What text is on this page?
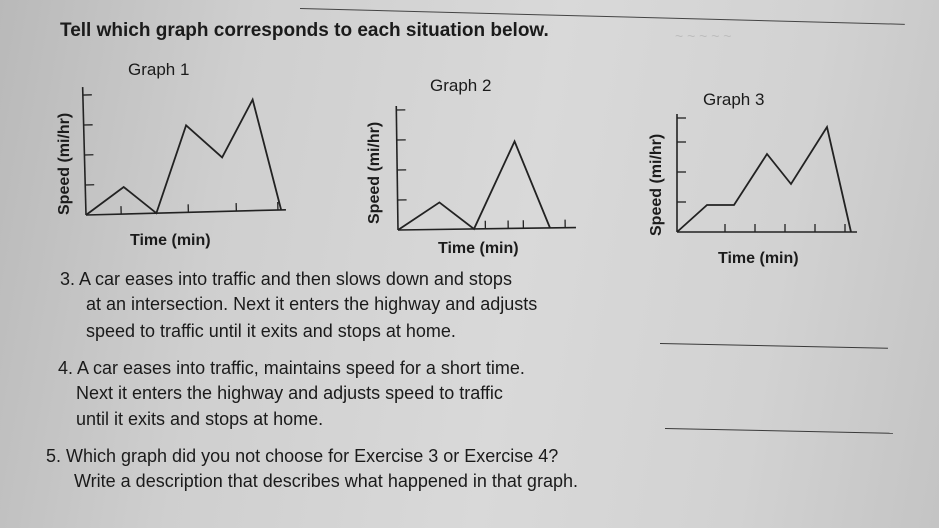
~ ~ ~ ~ ~
Tell which graph corresponds to each situation below.
Graph 1
Speed (mi/hr)
Time (min)
Graph 2
Speed (mi/hr)
Time (min)
Graph 3
Speed (mi/hr)
Time (min)
3. A car eases into traffic and then slows down and stops
at an intersection. Next it enters the highway and adjusts
speed to traffic until it exits and stops at home.
4. A car eases into traffic, maintains speed for a short time.
Next it enters the highway and adjusts speed to traffic
until it exits and stops at home.
5. Which graph did you not choose for Exercise 3 or Exercise 4?
Write a description that describes what happened in that graph.
